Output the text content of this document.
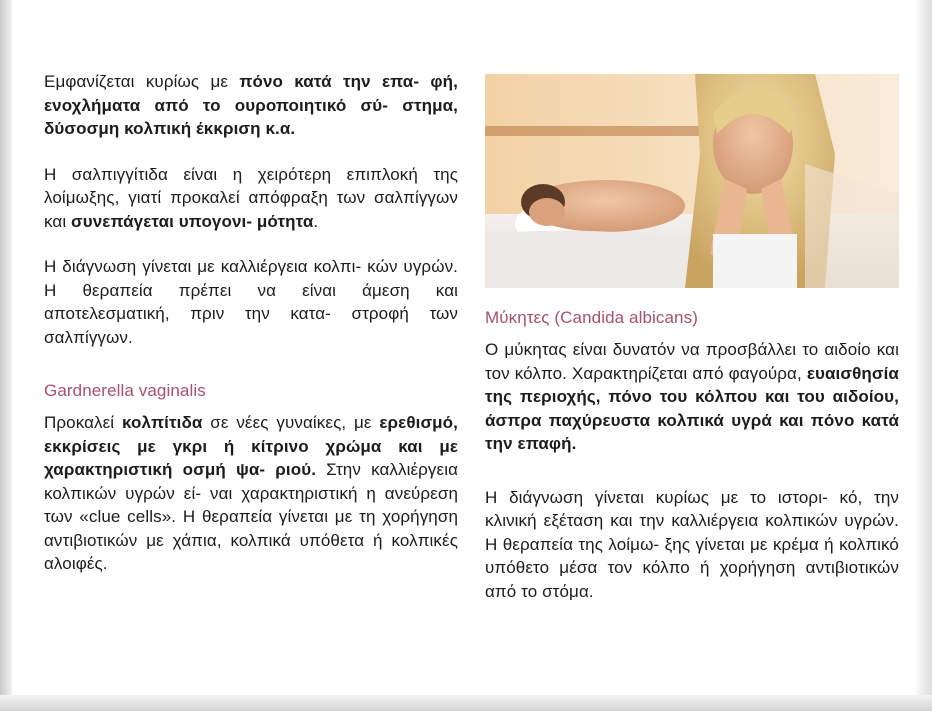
Εμφανίζεται κυρίως με πόνο κατά την επα- φή, ενοχλήματα από το ουροποιητικό σύ- στημα, δύσοσμη κολπική έκκριση κ.α.

Η σαλπιγγίτιδα είναι η χειρότερη επιπλοκή της λοίμωξης, γιατί προκαλεί απόφραξη των σαλπίγγων και συνεπάγεται υπογονι- μότητα.

Η διάγνωση γίνεται με καλλιέργεια κολπι- κών υγρών. Η θεραπεία πρέπει να είναι άμεση και αποτελεσματική, πριν την κατα- στροφή των σαλπίγγων.

Gardnerella vaginalis

Προκαλεί κολπίτιδα σε νέες γυναίκες, με ερεθισμό, εκκρίσεις με γκρι ή κίτρινο χρώμα και με χαρακτηριστική οσμή ψα- ριού. Στην καλλιέργεια κολπικών υγρών εί- ναι χαρακτηριστική η ανεύρεση των «clue cells». Η θεραπεία γίνεται με τη χορήγηση αντιβιοτικών με χάπια, κολπικά υπόθετα ή κολπικές αλοιφές.

Μύκητες (Candida albicans)

Ο μύκητας είναι δυνατόν να προσβάλλει το αιδοίο και τον κόλπο. Χαρακτηρίζεται από φαγούρα, ευαισθησία της περιοχής, πόνο του κόλπου και του αιδοίου, άσπρα παχύρευστα κολπικά υγρά και πόνο κατά την επαφή.

Η διάγνωση γίνεται κυρίως με το ιστορι- κό, την κλινική εξέταση και την καλλιέργεια κολπικών υγρών. Η θεραπεία της λοίμω- ξης γίνεται με κρέμα ή κολπικό υπόθετο μέσα τον κόλπο ή χορήγηση αντιβιοτικών από το στόμα.
